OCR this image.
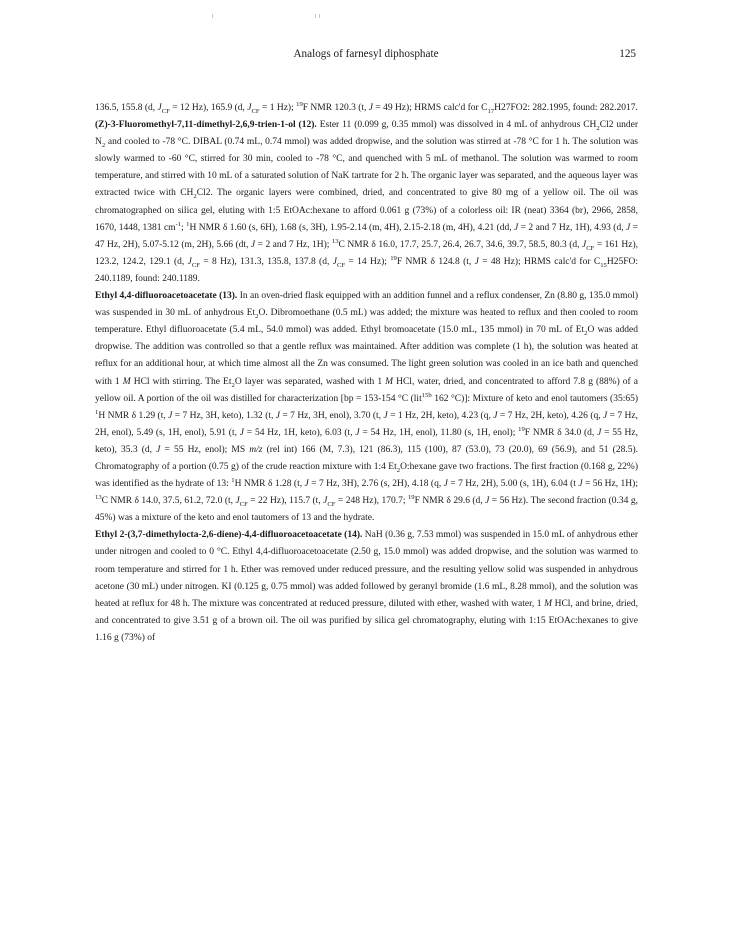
Analogs of farnesyl diphosphate	125

136.5, 155.8 (d, $J_{CF} = 12$ Hz), 165.9 (d, $J_{CF} = 1$ Hz); $^{19}$F NMR 120.3 (t, J = 49 Hz); HRMS calc'd for $C_{17}H27FO2$: 282.1995, found: 282.2017.

(Z)-3-Fluoromethyl-7,11-dimethyl-2,6,9-trien-1-ol (12). Ester 11 (0.099 g, 0.35 mmol) was dissolved in 4 mL of anhydrous $CH_2Cl2$ under $N_2$ and cooled to -78 °C. DIBAL (0.74 mL, 0.74 mmol) was added dropwise, and the solution was stirred at -78 °C for 1 h. The solution was slowly warmed to -60 °C, stirred for 30 min, cooled to -78 °C, and quenched with 5 mL of methanol. The solution was warmed to room temperature, and stirred with 10 mL of a saturated solution of NaK tartrate for 2 h. The organic layer was separated, and the aqueous layer was extracted twice with $CH_2Cl2$. The organic layers were combined, dried, and concentrated to give 80 mg of a yellow oil. The oil was chromatographed on silica gel, eluting with 1:5 EtOAc:hexane to afford 0.061 g (73%) of a colorless oil: IR (neat) 3364 (br), 2966, 2858, 1670, 1448, 1381 $cm^{-1}$; $^1$H NMR δ 1.60 (s, 6H), 1.68 (s, 3H), 1.95-2.14 (m, 4H), 2.15-2.18 (m, 4H), 4.21 (dd, J = 2 and 7 Hz, 1H), 4.93 (d, J = 47 Hz, 2H), 5.07-5.12 (m, 2H), 5.66 (dt, J = 2 and 7 Hz, 1H); $^{13}$C NMR δ 16.0, 17.7, 25.7, 26.4, 26.7, 34.6, 39.7, 58.5, 80.3 (d, $J_{CF} = 161$ Hz), 123.2, 124.2, 129.1 (d, $J_{CF} = 8$ Hz), 131.3, 135.8, 137.8 (d, $J_{CF} = 14$ Hz); $^{19}$F NMR δ 124.8 (t, J = 48 Hz); HRMS calc'd for $C_{15}H25FO$: 240.1189, found: 240.1189.

Ethyl 4,4-difluoroacetoacetate (13). In an oven-dried flask equipped with an addition funnel and a reflux condenser, Zn (8.80 g, 135.0 mmol) was suspended in 30 mL of anhydrous $Et_2O$. Dibromoethane (0.5 mL) was added; the mixture was heated to reflux and then cooled to room temperature. Ethyl difluoroacetate (5.4 mL, 54.0 mmol) was added. Ethyl bromoacetate (15.0 mL, 135 mmol) in 70 mL of $Et_2O$ was added dropwise. The addition was controlled so that a gentle reflux was maintained. After addition was complete (1 h), the solution was heated at reflux for an additional hour, at which time almost all the Zn was consumed. The light green solution was cooled in an ice bath and quenched with 1 M HCl with stirring. The $Et_2O$ layer was separated, washed with 1 M HCl, water, dried, and concentrated to afford 7.8 g (88%) of a yellow oil. A portion of the oil was distilled for characterization [bp = 153-154 °C (lit$^{15b}$ 162 °C)]: Mixture of keto and enol tautomers (35:65) $^1$H NMR δ 1.29 (t, J = 7 Hz, 3H, keto), 1.32 (t, J = 7 Hz, 3H, enol), 3.70 (t, J = 1 Hz, 2H, keto), 4.23 (q, J = 7 Hz, 2H, keto), 4.26 (q, J = 7 Hz, 2H, enol), 5.49 (s, 1H, enol), 5.91 (t, J = 54 Hz, 1H, keto), 6.03 (t, J = 54 Hz, 1H, enol), 11.80 (s, 1H, enol); $^{19}$F NMR δ 34.0 (d, J = 55 Hz, keto), 35.3 (d, J = 55 Hz, enol); MS m/z (rel int) 166 (M, 7.3), 121 (86.3), 115 (100), 87 (53.0), 73 (20.0), 69 (56.9), and 51 (28.5). Chromatography of a portion (0.75 g) of the crude reaction mixture with 1:4 $Et_2O:hexane$ gave two fractions. The first fraction (0.168 g, 22%) was identified as the hydrate of 13: $^1$H NMR δ 1.28 (t, J = 7 Hz, 3H), 2.76 (s, 2H), 4.18 (q, J = 7 Hz, 2H), 5.00 (s, 1H), 6.04 (t J = 56 Hz, 1H); $^{13}$C NMR δ 14.0, 37.5, 61.2, 72.0 (t, $J_{CF} = 22$ Hz), 115.7 (t, $J_{CF} = 248$ Hz), 170.7; $^{19}$F NMR δ 29.6 (d, J = 56 Hz). The second fraction (0.34 g, 45%) was a mixture of the keto and enol tautomers of 13 and the hydrate.

Ethyl 2-(3,7-dimethylocta-2,6-diene)-4,4-difluoroacetoacetate (14). NaH (0.36 g, 7.53 mmol) was suspended in 15.0 mL of anhydrous ether under nitrogen and cooled to 0 °C. Ethyl 4,4-difluoroacetoacetate (2.50 g, 15.0 mmol) was added dropwise, and the solution was warmed to room temperature and stirred for 1 h. Ether was removed under reduced pressure, and the resulting yellow solid was suspended in anhydrous acetone (30 mL) under nitrogen. KI (0.125 g, 0.75 mmol) was added followed by geranyl bromide (1.6 mL, 8.28 mmol), and the solution was heated at reflux for 48 h. The mixture was concentrated at reduced pressure, diluted with ether, washed with water, 1 M HCl, and brine, dried, and concentrated to give 3.51 g of a brown oil. The oil was purified by silica gel chromatography, eluting with 1:15 EtOAc:hexanes to give 1.16 g (73%) of
